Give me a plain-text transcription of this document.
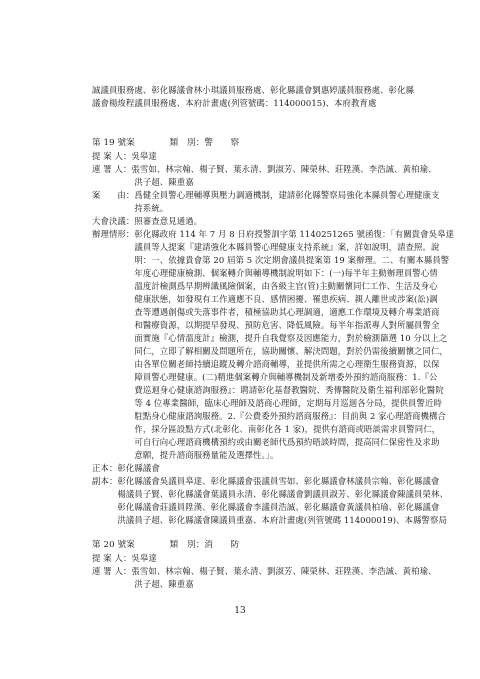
誠議員服務處、彰化縣議會林小琪議員服務處、彰化縣議會劉惠婷議員服務處、彰化縣
議會楊焌程議員服務處、本府計畫處(列管號碼：114000015)、本府教育處
第 19 號案　　　　類　別：警　　察
提 案 人：吳皋達
連 署 人：張雪如、林宗翰、楊子賢、葉永清、劉淑芳、陳榮林、莊陞漢、李浩誠、黃柏瑜、
　　　　　洪子超、陳重嘉
案　　由：爲健全員警心理輔導與壓力調適機制，建請彰化縣警察局強化本縣員警心理健康支
　　　　　持系統。
大會決議：照審查意見通過。
辦理情形：彰化縣政府 114 年 7 月 8 日府授警訓字第 1140251265 號函復：「有關貴會吳皋達
　　　　　議員等人提案『建請強化本縣員警心理健康支持系統』案，詳如說明，請查照。說
　　　　　明：一、依據貴會第 20 屆第 5 次定期會議員提案第 19 案辦理。二、有關本縣員警
　　　　　年度心理健康檢測、個案轉介與輔導機制說明如下：(一)每半年主動辦理員警心情
　　　　　溫度計檢測爲早期辨識風險個案，由各級主官(管)主動關懷同仁工作、生活及身心
　　　　　健康狀態，如發現有工作適應不良、感情困擾、罹患疾病、親人離世或涉案(訟)調
　　　　　查等遭遇創傷或失落事件者，積極協助其心理調適，適應工作環境及轉介專業諮商
　　　　　和醫療資源，以期提早發現、預防危害、降低風險。每半年指派專人對所屬員警全
　　　　　面實施『心情溫度計』檢測，提升自我覺察及因應能力，對於檢測篩選 10 分以上之
　　　　　同仁，立即了解相關及問題所在，協助關懷、解決問題，對於仍需後續關懷之同仁，
　　　　　由各單位關老師持續追蹤及轉介諮商輔導，並提供所需之心理衛生服務資源，以保
　　　　　障員警心理健康。(二)精進個案轉介與輔導機制及新增委外預約諮商服務：1.『公
　　　　　費巡迴身心健康諮詢服務』：聘請彰化基督教醫院、秀傳醫院及衛生福利部彰化醫院
　　　　　等 4 位專業醫師，臨床心理師及諮商心理師，定期每月巡迴各分局，提供員警近時
　　　　　駐點身心健康諮詢服務。2.『公費委外預約諮商服務』：目前與 2 家心理諮商機構合
　　　　　作，採分區設點方式(北彰化、南彰化各 1 家)，提供有諮商或晤談需求員警同仁，
　　　　　可自行向心理諮商機構預約或由關老師代爲預約晤談時間，提高同仁保密性及求助
　　　　　意願，提升諮商服務量能及選擇性。」。
正本：彰化縣議會
副本：彰化縣議會吳議員皋達、彰化縣議會張議員雪如、彰化縣議會林議員宗翰、彰化縣議會
　　　楊議員子賢、彰化縣議會葉議員永清、彰化縣議會劉議員淑芳、彰化縣議會陳議員榮林、
　　　彰化縣議會莊議員陞漢、彰化縣議會李議員浩誠、彰化縣議會黃議員柏瑜、彰化縣議會
　　　洪議員子超、彰化縣議會陳議員重嘉、本府計畫處(列管號碼 114000019)、本縣警察局
第 20 號案　　　　類　別：消　　防
提 案 人：吳皋達
連 署 人：張雪如、林宗翰、楊子賢、葉永清、劉淑芳、陳榮林、莊陞漢、李浩誠、黃柏瑜、
　　　　　洪子超、陳重嘉
13
